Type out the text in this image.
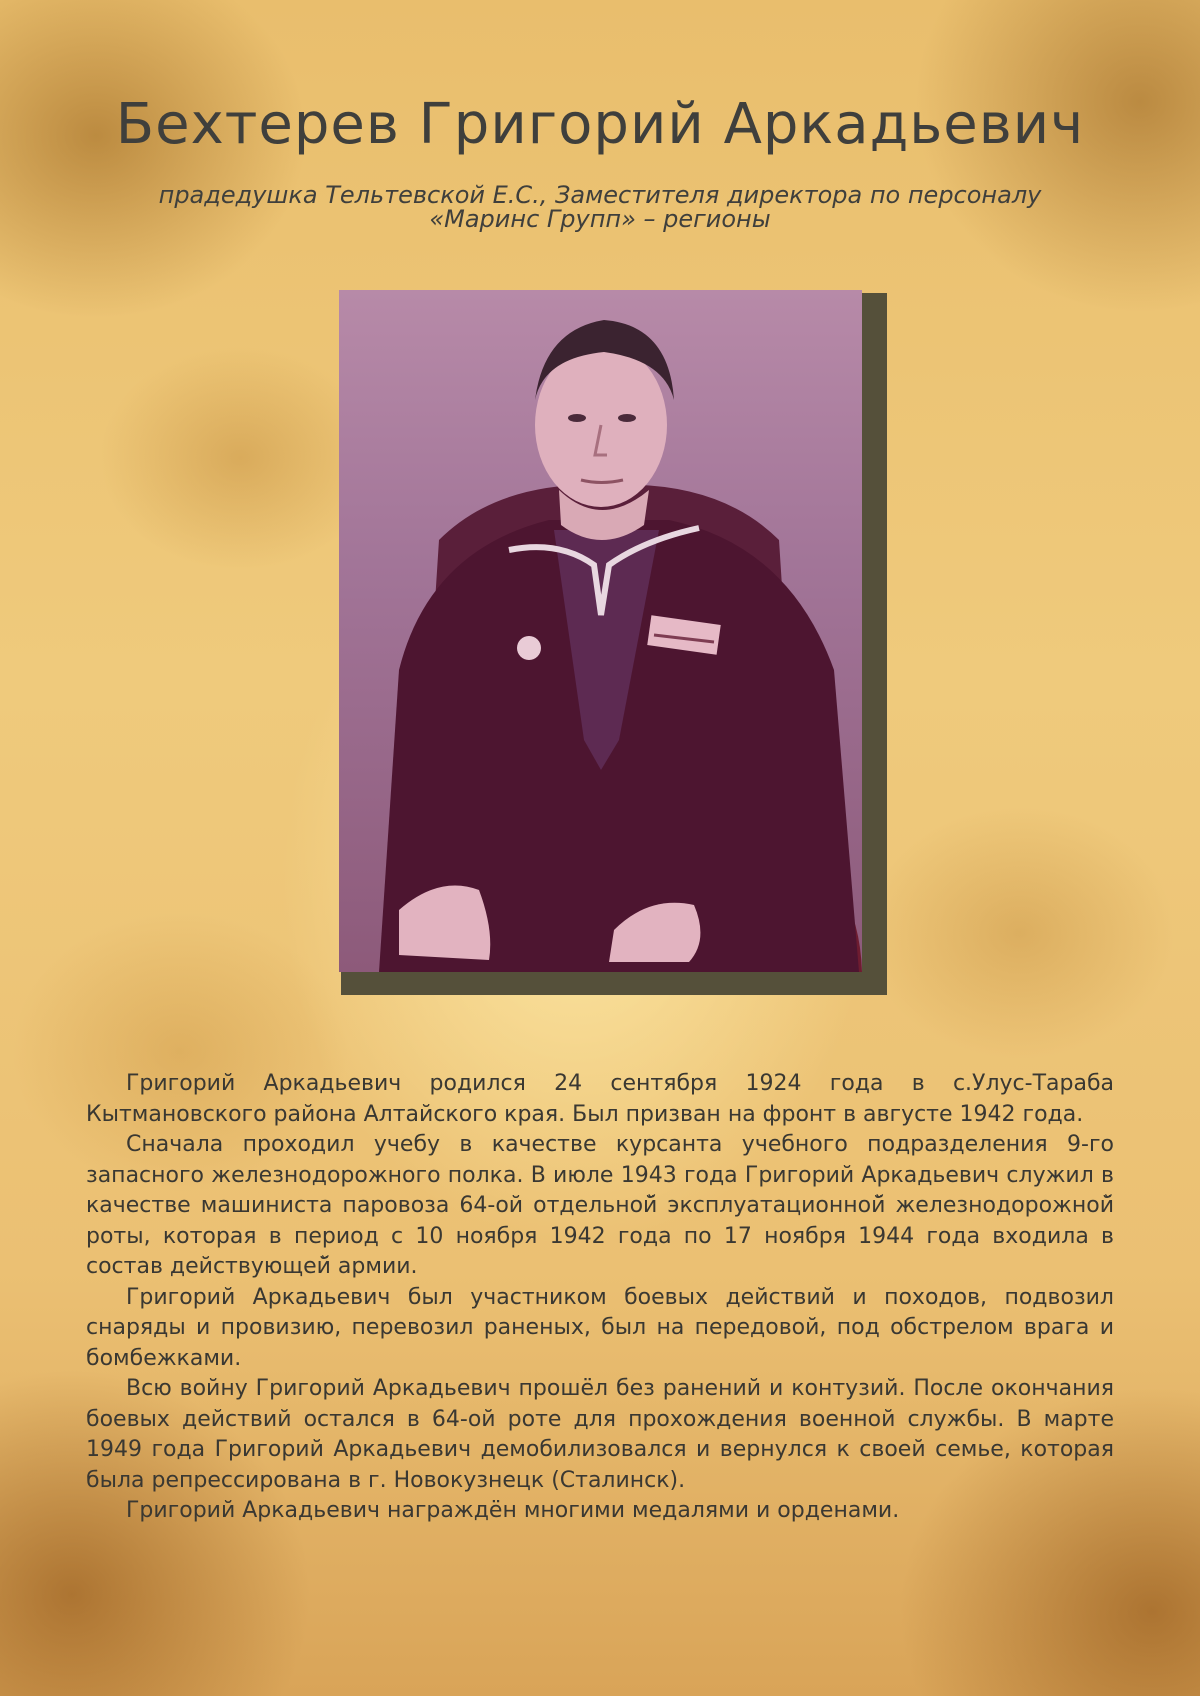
Бехтерев Григорий Аркадьевич
прадедушка Тельтевской Е.С., Заместителя директора по персоналу
«Маринс Групп» – регионы

Григорий Аркадьевич родился 24 сентября 1924 года в с.Улус-Тараба Кытмановского района Алтайского края. Был призван на фронт в августе 1942 года.

Сначала проходил учебу в качестве курсанта учебного подразделения 9-го запасного железнодорожного полка. В июле 1943 года Григорий Аркадьевич служил в качестве машиниста паровоза 64-ой отдельной̆ эксплуатационной̆ железнодорожной̆ роты, которая в период с 10 ноября 1942 года по 17 ноября 1944 года входила в состав действующей̆ армии.

Григорий Аркадьевич был участником боевых действий и походов, подвозил снаряды и провизию, перевозил раненых, был на передовой, под обстрелом врага и бомбежками.

Всю войну Григорий Аркадьевич прошёл без ранений и контузий. После окончания боевых действий остался в 64-ой роте для прохождения военной службы. В марте 1949 года Григорий Аркадьевич демобилизовался и вернулся к своей семье, которая была репрессирована в г. Новокузнецк (Сталинск).

Григорий Аркадьевич награждён многими медалями и орденами.
